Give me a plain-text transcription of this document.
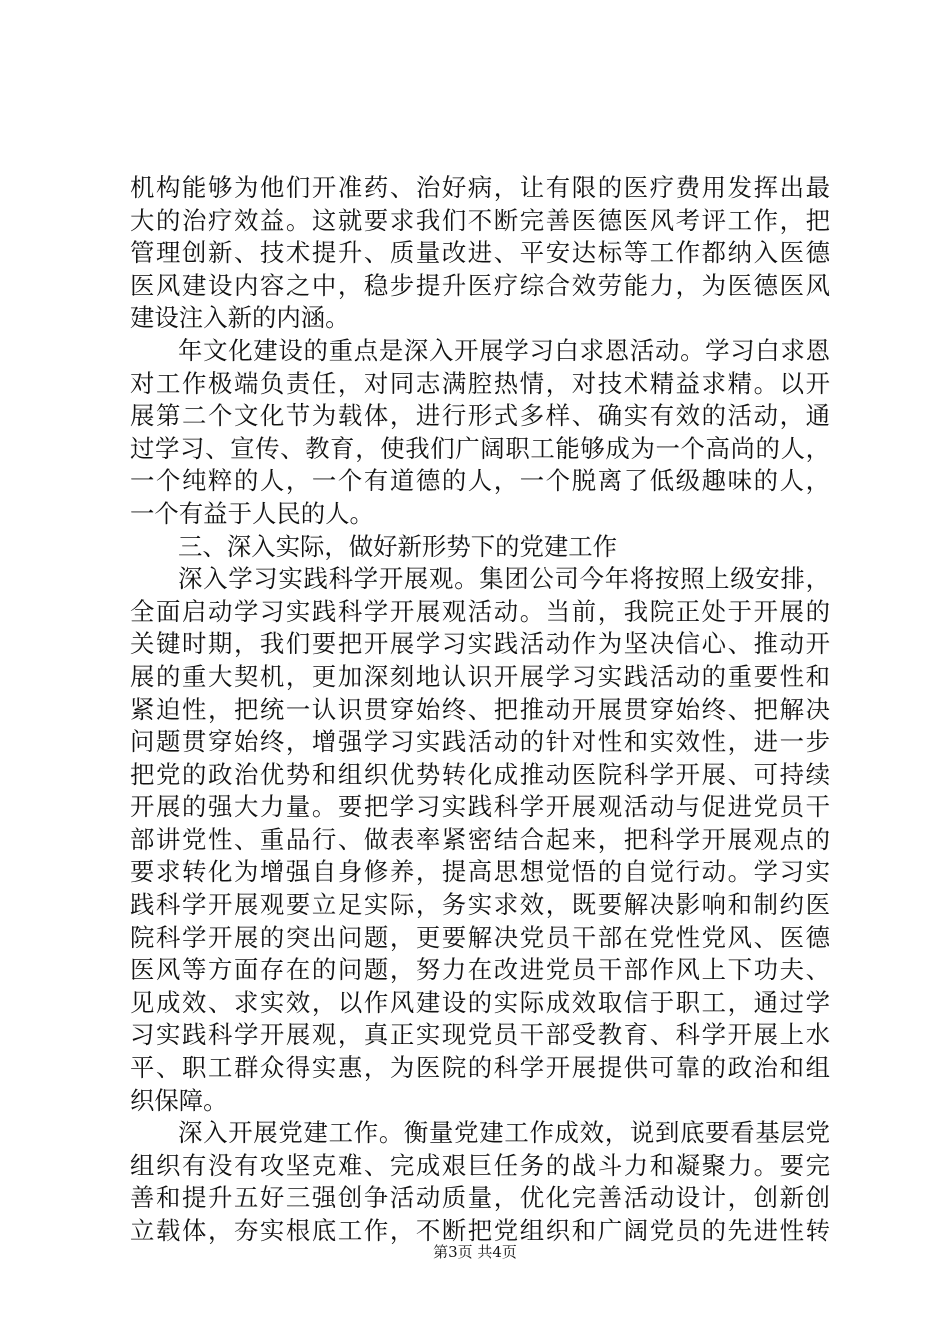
机构能够为他们开准药、治好病，让有限的医疗费用发挥出最
大的治疗效益。这就要求我们不断完善医德医风考评工作，把
管理创新、技术提升、质量改进、平安达标等工作都纳入医德
医风建设内容之中，稳步提升医疗综合效劳能力，为医德医风
建设注入新的内涵。
年文化建设的重点是深入开展学习白求恩活动。学习白求恩
对工作极端负责任，对同志满腔热情，对技术精益求精。以开
展第二个文化节为载体，进行形式多样、确实有效的活动，通
过学习、宣传、教育，使我们广阔职工能够成为一个高尚的人，
一个纯粹的人，一个有道德的人，一个脱离了低级趣味的人，
一个有益于人民的人。
三、深入实际，做好新形势下的党建工作
深入学习实践科学开展观。集团公司今年将按照上级安排，
全面启动学习实践科学开展观活动。当前，我院正处于开展的
关键时期，我们要把开展学习实践活动作为坚决信心、推动开
展的重大契机，更加深刻地认识开展学习实践活动的重要性和
紧迫性，把统一认识贯穿始终、把推动开展贯穿始终、把解决
问题贯穿始终，增强学习实践活动的针对性和实效性，进一步
把党的政治优势和组织优势转化成推动医院科学开展、可持续
开展的强大力量。要把学习实践科学开展观活动与促进党员干
部讲党性、重品行、做表率紧密结合起来，把科学开展观点的
要求转化为增强自身修养，提高思想觉悟的自觉行动。学习实
践科学开展观要立足实际，务实求效，既要解决影响和制约医
院科学开展的突出问题，更要解决党员干部在党性党风、医德
医风等方面存在的问题，努力在改进党员干部作风上下功夫、
见成效、求实效，以作风建设的实际成效取信于职工，通过学
习实践科学开展观，真正实现党员干部受教育、科学开展上水
平、职工群众得实惠，为医院的科学开展提供可靠的政治和组
织保障。
深入开展党建工作。衡量党建工作成效，说到底要看基层党
组织有没有攻坚克难、完成艰巨任务的战斗力和凝聚力。要完
善和提升五好三强创争活动质量，优化完善活动设计，创新创
立载体，夯实根底工作，不断把党组织和广阔党员的先进性转
第3页 共4页
